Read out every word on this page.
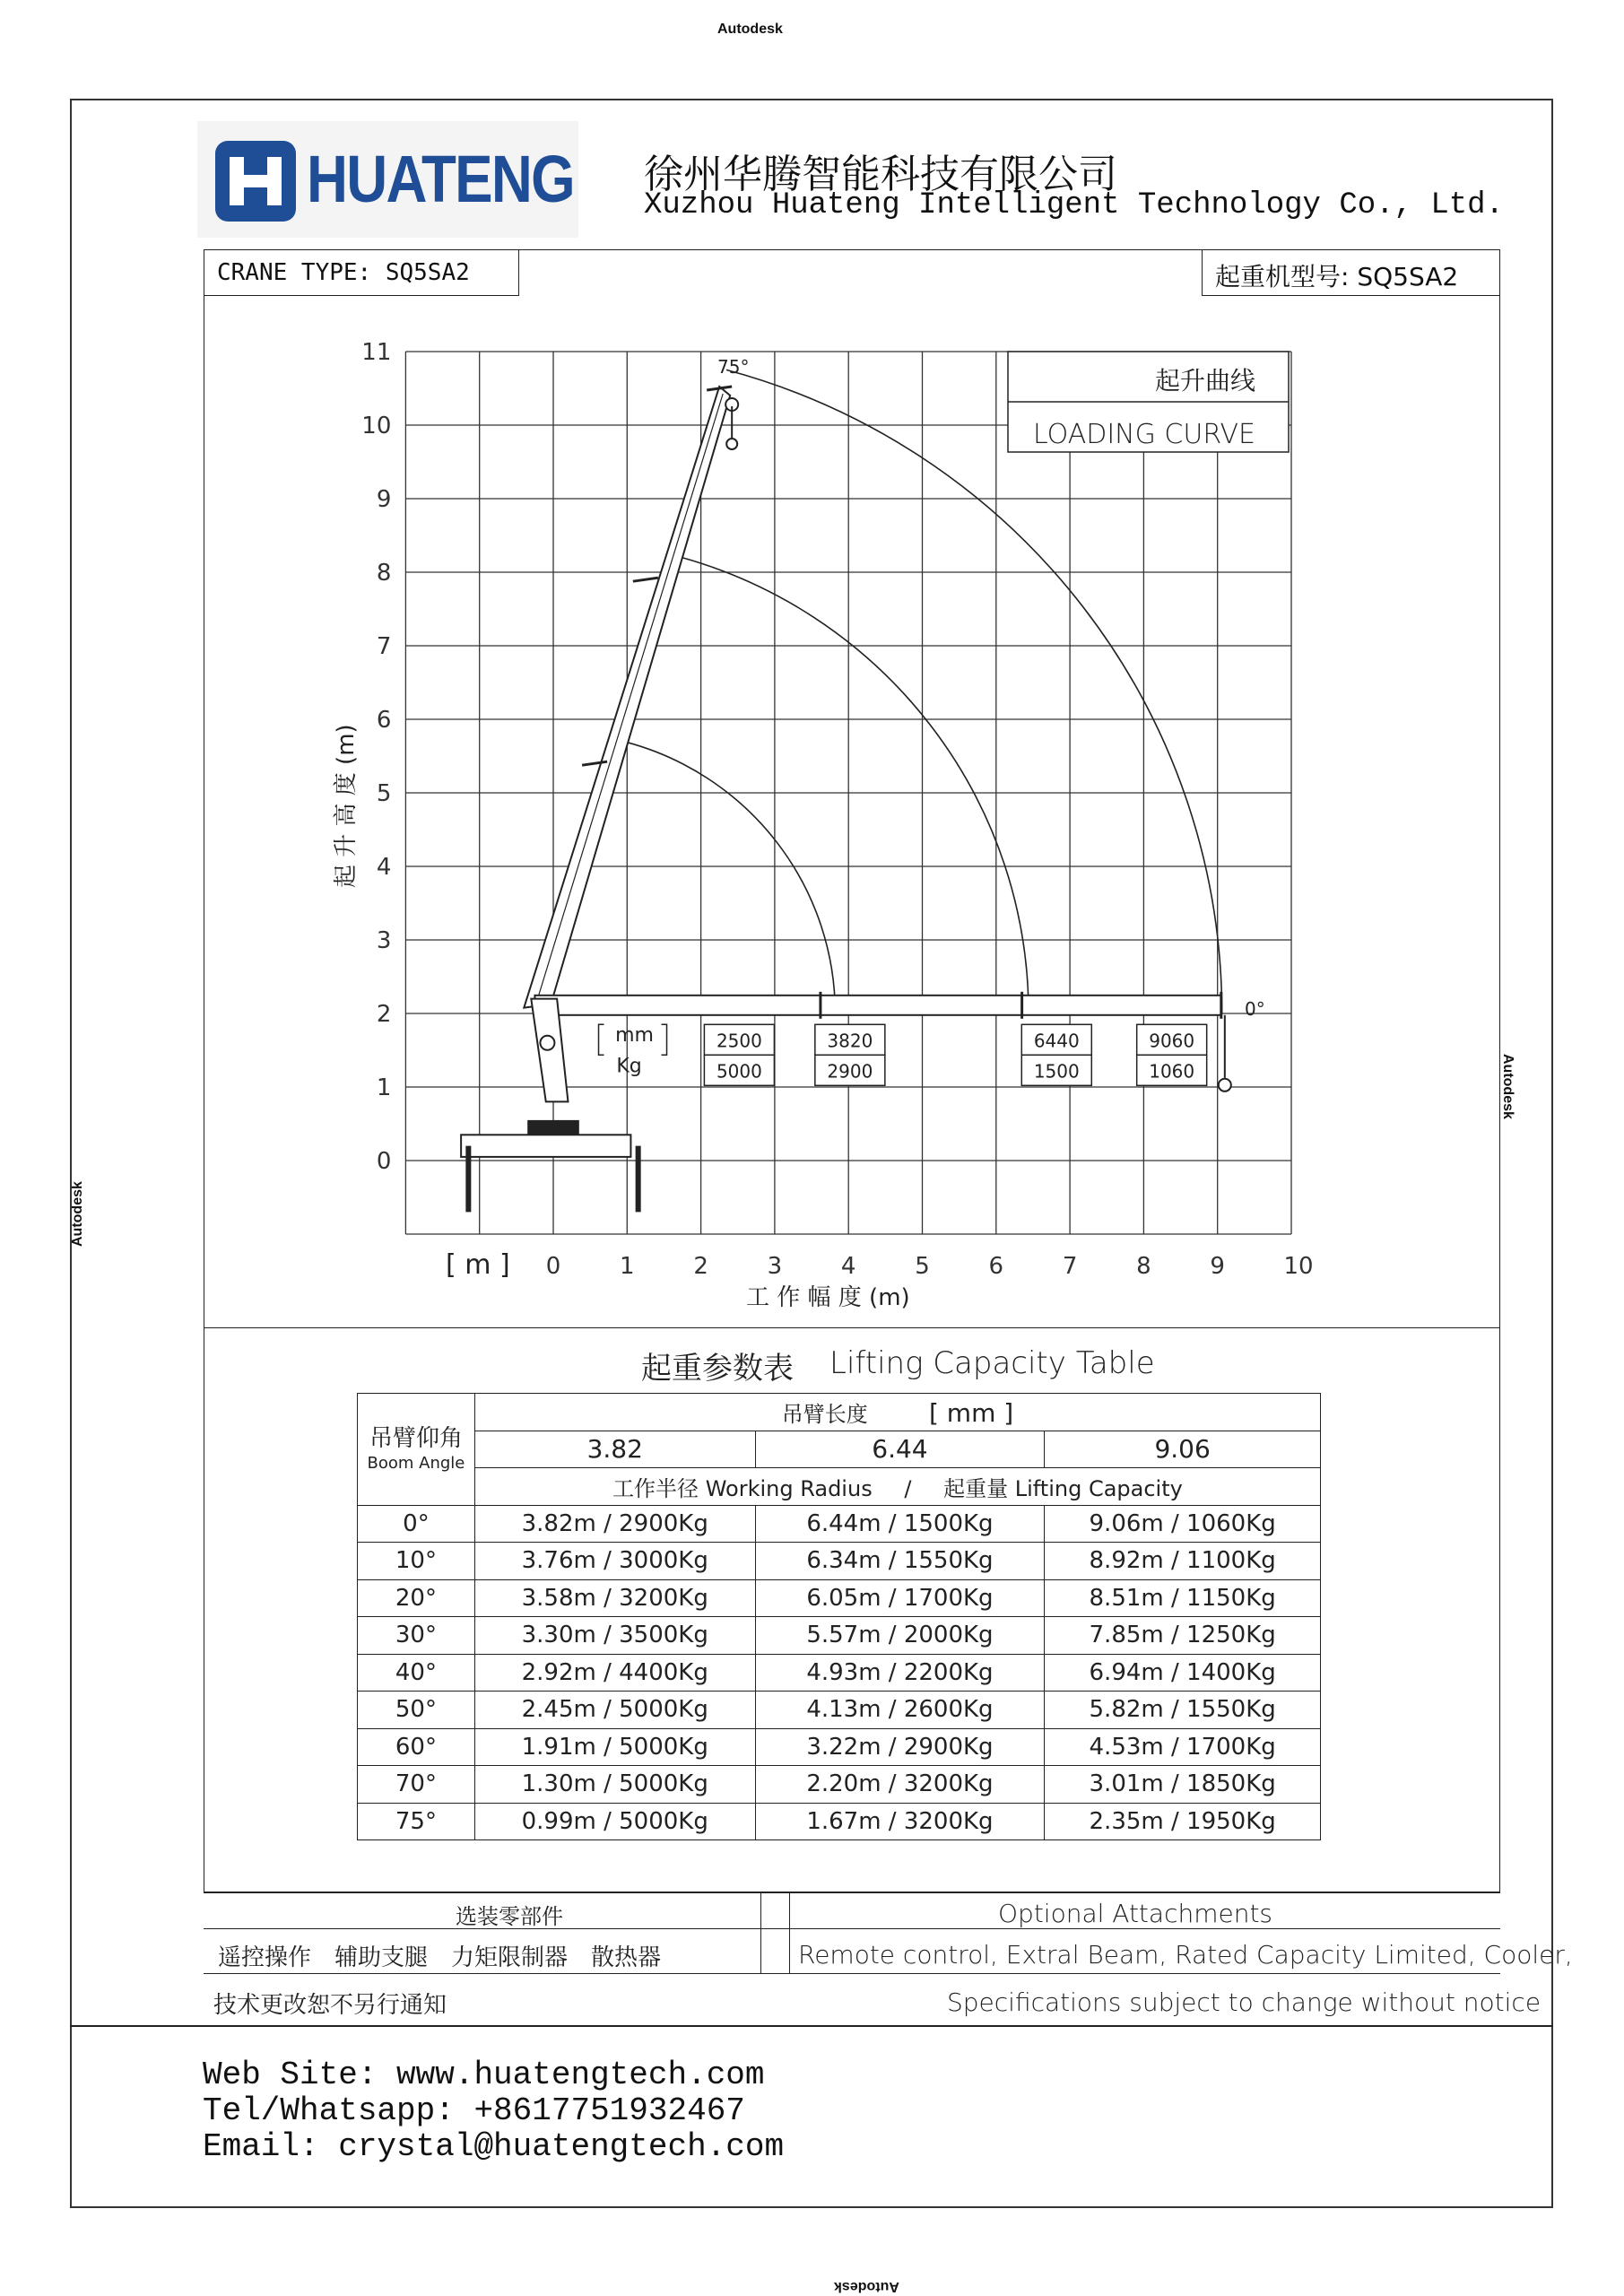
Autodesk
Autodesk
Autodesk
Autodesk
HUATENG 徐州华腾智能科技有限公司
Xuzhou Huateng Intelligent Technology Co., Ltd.
CRANE TYPE: SQ5SA2	起重机型号: SQ5SA2
0	1	2	3	4	5	6	7	8	9	10
0
1
2
3
4
5
6
7
8
9
10
11
mm
Kg
2500
5000
3820
2900
6440
1500
9060
1060
起升曲线
LOADING CURVE
75°
0°
[ m ]
工 作 幅 度 (m)
起 升 高 度 (m)
起重参数表 Lifting Capacity Table
吊臂仰角
Boom Angle	吊臂长度 [ mm ]		
	3.82	6.44	9.06
	工作半径 Working Radius / 起重量 Lifting Capacity		
0°	3.82m / 2900Kg	6.44m / 1500Kg	9.06m / 1060Kg
10°	3.76m / 3000Kg	6.34m / 1550Kg	8.92m / 1100Kg
20°	3.58m / 3200Kg	6.05m / 1700Kg	8.51m / 1150Kg
30°	3.30m / 3500Kg	5.57m / 2000Kg	7.85m / 1250Kg
40°	2.92m / 4400Kg	4.93m / 2200Kg	6.94m / 1400Kg
50°	2.45m / 5000Kg	4.13m / 2600Kg	5.82m / 1550Kg
60°	1.91m / 5000Kg	3.22m / 2900Kg	4.53m / 1700Kg
70°	1.30m / 5000Kg	2.20m / 3200Kg	3.01m / 1850Kg
75°	0.99m / 5000Kg	1.67m / 3200Kg	2.35m / 1950Kg
选装零部件	Optional Attachments
遥控操作　辅助支腿　力矩限制器　散热器	Remote control, Extral Beam, Rated Capacity Limited, Cooler,
技术更改恕不另行通知	Specifications subject to change without notice
Web Site: www.huatengtech.com
Tel/Whatsapp: +8617751932467
Email: crystal@huatengtech.com
